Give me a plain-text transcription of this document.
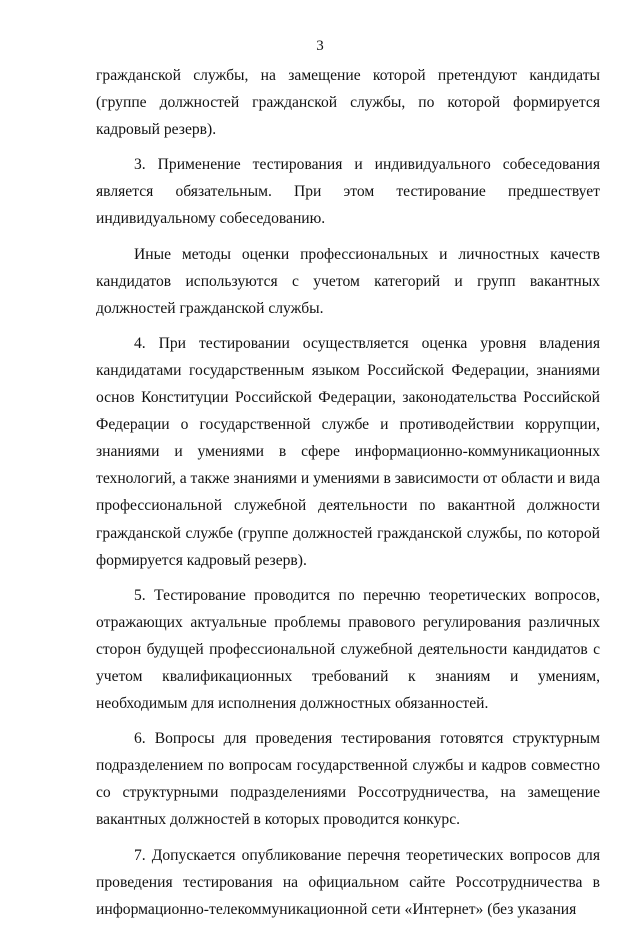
3

гражданской службы, на замещение которой претендуют кандидаты (группе должностей гражданской службы, по которой формируется кадровый резерв).

3. Применение тестирования и индивидуального собеседования является обязательным. При этом тестирование предшествует индивидуальному собеседованию.

Иные методы оценки профессиональных и личностных качеств кандидатов используются с учетом категорий и групп вакантных должностей гражданской службы.

4. При тестировании осуществляется оценка уровня владения кандидатами государственным языком Российской Федерации, знаниями основ Конституции Российской Федерации, законодательства Российской Федерации о государственной службе и противодействии коррупции, знаниями и умениями в сфере информационно-коммуникационных технологий, а также знаниями и умениями в зависимости от области и вида профессиональной служебной деятельности по вакантной должности гражданской службе (группе должностей гражданской службы, по которой формируется кадровый резерв).

5. Тестирование проводится по перечню теоретических вопросов, отражающих актуальные проблемы правового регулирования различных сторон будущей профессиональной служебной деятельности кандидатов с учетом квалификационных требований к знаниям и умениям, необходимым для исполнения должностных обязанностей.

6. Вопросы для проведения тестирования готовятся структурным подразделением по вопросам государственной службы и кадров совместно со структурными подразделениями Россотрудничества, на замещение вакантных должностей в которых проводится конкурс.

7. Допускается опубликование перечня теоретических вопросов для проведения тестирования на официальном сайте Россотрудничества в информационно-телекоммуникационной сети «Интернет» (без указания
